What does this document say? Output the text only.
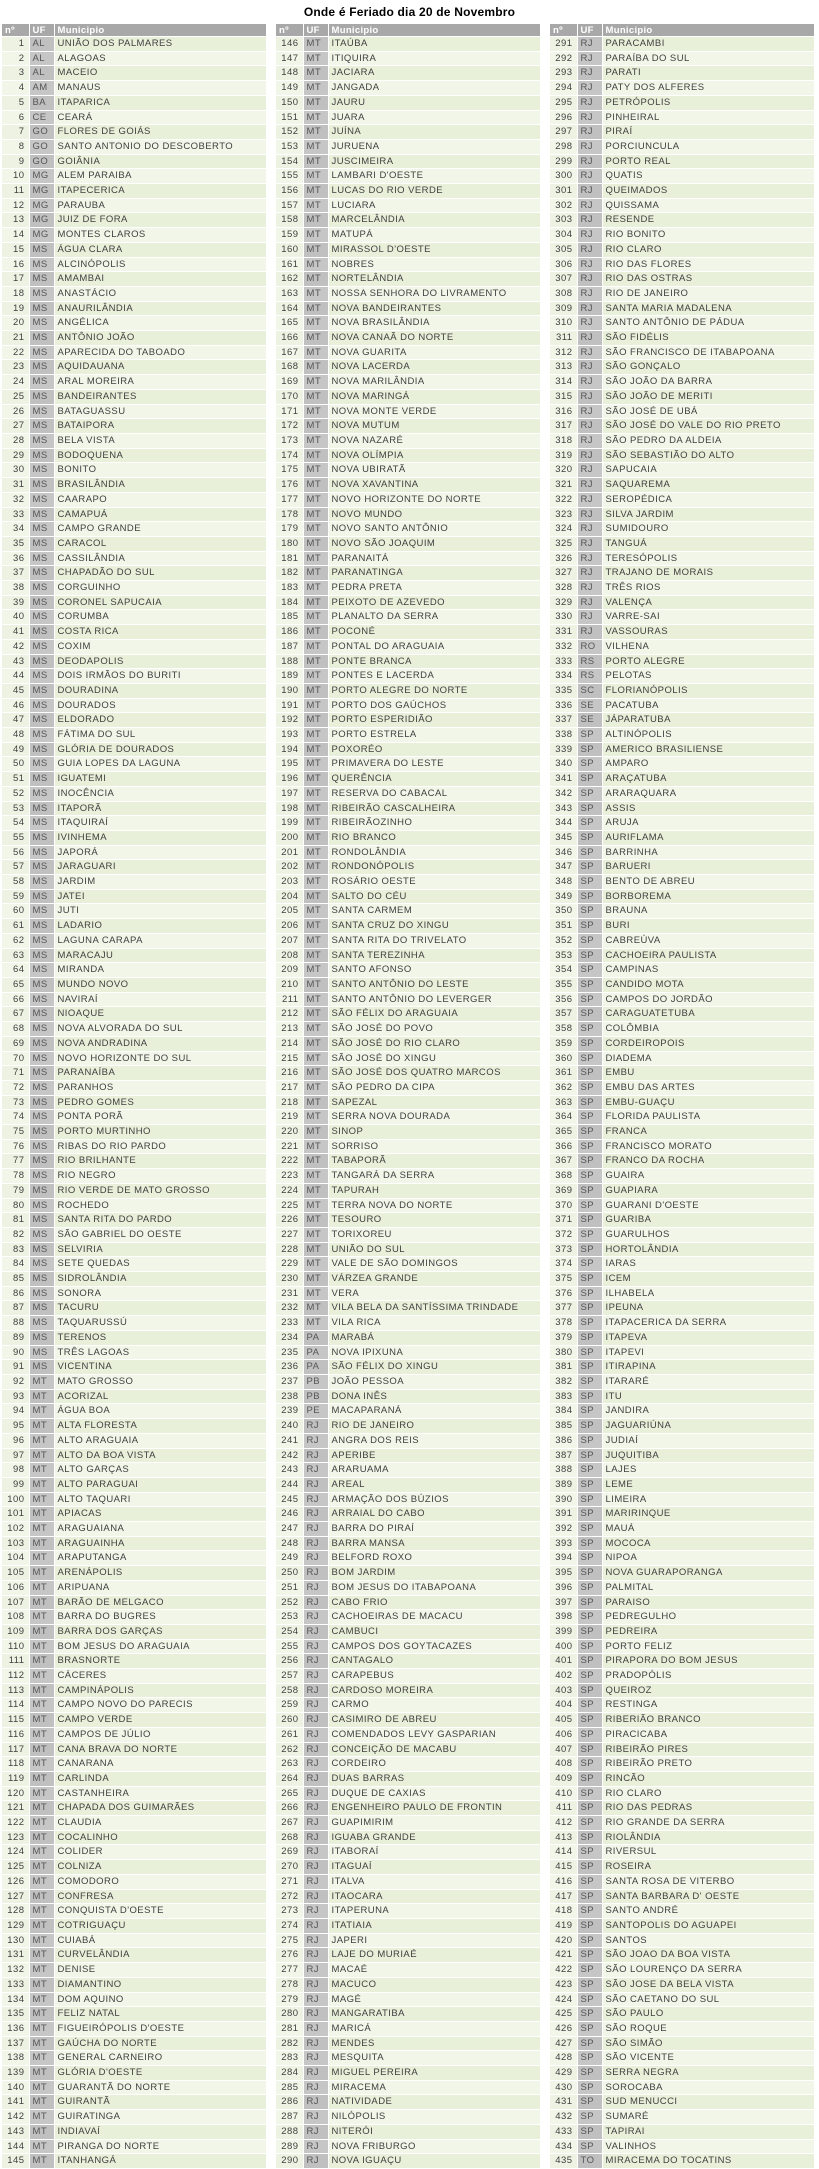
Onde é Feriado dia 20 de Novembro
nº	UF	Municipio
1	AL	UNIÃO DOS PALMARES
2	AL	ALAGOAS
3	AL	MACEIO
4	AM	MANAUS
5	BA	ITAPARICA
6	CE	CEARÁ
7	GO	FLORES DE GOIÁS
8	GO	SANTO ANTONIO DO DESCOBERTO
9	GO	GOIÂNIA
10	MG	ALEM PARAIBA
11	MG	ITAPECERICA
12	MG	PARAUBA
13	MG	JUIZ DE FORA
14	MG	MONTES CLAROS
15	MS	ÁGUA CLARA
16	MS	ALCINÓPOLIS
17	MS	AMAMBAI
18	MS	ANASTÁCIO
19	MS	ANAURILÂNDIA
20	MS	ANGÉLICA
21	MS	ANTÔNIO JOÃO
22	MS	APARECIDA DO TABOADO
23	MS	AQUIDAUANA
24	MS	ARAL MOREIRA
25	MS	BANDEIRANTES
26	MS	BATAGUASSU
27	MS	BATAIPORA
28	MS	BELA VISTA
29	MS	BODOQUENA
30	MS	BONITO
31	MS	BRASILÂNDIA
32	MS	CAARAPO
33	MS	CAMAPUÁ
34	MS	CAMPO GRANDE
35	MS	CARACOL
36	MS	CASSILÂNDIA
37	MS	CHAPADÃO DO SUL
38	MS	CORGUINHO
39	MS	CORONEL SAPUCAIA
40	MS	CORUMBA
41	MS	COSTA RICA
42	MS	COXIM
43	MS	DEODAPOLIS
44	MS	DOIS IRMÃOS DO BURITI
45	MS	DOURADINA
46	MS	DOURADOS
47	MS	ELDORADO
48	MS	FÁTIMA DO SUL
49	MS	GLÓRIA DE DOURADOS
50	MS	GUIA LOPES DA LAGUNA
51	MS	IGUATEMI
52	MS	INOCÊNCIA
53	MS	ITAPORÃ
54	MS	ITAQUIRAÍ
55	MS	IVINHEMA
56	MS	JAPORÁ
57	MS	JARAGUARI
58	MS	JARDIM
59	MS	JATEI
60	MS	JUTI
61	MS	LADARIO
62	MS	LAGUNA CARAPA
63	MS	MARACAJU
64	MS	MIRANDA
65	MS	MUNDO NOVO
66	MS	NAVIRAÍ
67	MS	NIOAQUE
68	MS	NOVA ALVORADA DO SUL
69	MS	NOVA ANDRADINA
70	MS	NOVO HORIZONTE DO SUL
71	MS	PARANAÍBA
72	MS	PARANHOS
73	MS	PEDRO GOMES
74	MS	PONTA PORÃ
75	MS	PORTO MURTINHO
76	MS	RIBAS DO RIO PARDO
77	MS	RIO BRILHANTE
78	MS	RIO NEGRO
79	MS	RIO VERDE DE MATO GROSSO
80	MS	ROCHEDO
81	MS	SANTA RITA DO PARDO
82	MS	SÃO GABRIEL DO OESTE
83	MS	SELVIRIA
84	MS	SETE QUEDAS
85	MS	SIDROLÂNDIA
86	MS	SONORA
87	MS	TACURU
88	MS	TAQUARUSSÚ
89	MS	TERENOS
90	MS	TRÊS LAGOAS
91	MS	VICENTINA
92	MT	MATO GROSSO
93	MT	ACORIZAL
94	MT	ÁGUA BOA
95	MT	ALTA FLORESTA
96	MT	ALTO ARAGUAIA
97	MT	ALTO DA BOA VISTA
98	MT	ALTO GARÇAS
99	MT	ALTO PARAGUAI
100	MT	ALTO TAQUARI
101	MT	APIACAS
102	MT	ARAGUAIANA
103	MT	ARAGUAINHA
104	MT	ARAPUTANGA
105	MT	ARENÁPOLIS
106	MT	ARIPUANA
107	MT	BARÃO DE MELGACO
108	MT	BARRA DO BUGRES
109	MT	BARRA DOS GARÇAS
110	MT	BOM JESUS DO ARAGUAIA
111	MT	BRASNORTE
112	MT	CÁCERES
113	MT	CAMPINÁPOLIS
114	MT	CAMPO NOVO DO PARECIS
115	MT	CAMPO VERDE
116	MT	CAMPOS DE JÚLIO
117	MT	CANA BRAVA DO NORTE
118	MT	CANARANA
119	MT	CARLINDA
120	MT	CASTANHEIRA
121	MT	CHAPADA DOS GUIMARÃES
122	MT	CLAUDIA
123	MT	COCALINHO
124	MT	COLIDER
125	MT	COLNIZA
126	MT	COMODORO
127	MT	CONFRESA
128	MT	CONQUISTA D'OESTE
129	MT	COTRIGUAÇU
130	MT	CUIABÁ
131	MT	CURVELÂNDIA
132	MT	DENISE
133	MT	DIAMANTINO
134	MT	DOM AQUINO
135	MT	FELIZ NATAL
136	MT	FIGUEIRÓPOLIS D'OESTE
137	MT	GAÚCHA DO NORTE
138	MT	GENERAL CARNEIRO
139	MT	GLÓRIA D'OESTE
140	MT	GUARANTÃ DO NORTE
141	MT	GUIRANTÃ
142	MT	GUIRATINGA
143	MT	INDIAVAÍ
144	MT	PIRANGA DO NORTE
145	MT	ITANHANGÁ
nº	UF	Municipio
146	MT	ITAÚBA
147	MT	ITIQUIRA
148	MT	JACIARA
149	MT	JANGADA
150	MT	JAURU
151	MT	JUARA
152	MT	JUÍNA
153	MT	JURUENA
154	MT	JUSCIMEIRA
155	MT	LAMBARI D'OESTE
156	MT	LUCAS DO RIO VERDE
157	MT	LUCIARA
158	MT	MARCELÂNDIA
159	MT	MATUPÁ
160	MT	MIRASSOL D'OESTE
161	MT	NOBRES
162	MT	NORTELÂNDIA
163	MT	NOSSA SENHORA DO LIVRAMENTO
164	MT	NOVA BANDEIRANTES
165	MT	NOVA BRASILÂNDIA
166	MT	NOVA CANAÃ DO NORTE
167	MT	NOVA GUARITA
168	MT	NOVA LACERDA
169	MT	NOVA MARILÂNDIA
170	MT	NOVA MARINGÁ
171	MT	NOVA MONTE VERDE
172	MT	NOVA MUTUM
173	MT	NOVA NAZARÉ
174	MT	NOVA OLÍMPIA
175	MT	NOVA UBIRATÃ
176	MT	NOVA XAVANTINA
177	MT	NOVO HORIZONTE DO NORTE
178	MT	NOVO MUNDO
179	MT	NOVO SANTO ANTÔNIO
180	MT	NOVO SÃO JOAQUIM
181	MT	PARANAITÁ
182	MT	PARANATINGA
183	MT	PEDRA PRETA
184	MT	PEIXOTO DE AZEVEDO
185	MT	PLANALTO DA SERRA
186	MT	POCONÉ
187	MT	PONTAL DO ARAGUAIA
188	MT	PONTE BRANCA
189	MT	PONTES E LACERDA
190	MT	PORTO ALEGRE DO NORTE
191	MT	PORTO DOS GAÚCHOS
192	MT	PORTO ESPERIDIÃO
193	MT	PORTO ESTRELA
194	MT	POXORÉO
195	MT	PRIMAVERA DO LESTE
196	MT	QUERÊNCIA
197	MT	RESERVA DO CABACAL
198	MT	RIBEIRÃO CASCALHEIRA
199	MT	RIBEIRÃOZINHO
200	MT	RIO BRANCO
201	MT	RONDOLÂNDIA
202	MT	RONDONÓPOLIS
203	MT	ROSÁRIO OESTE
204	MT	SALTO DO CÉU
205	MT	SANTA CARMEM
206	MT	SANTA CRUZ DO XINGU
207	MT	SANTA RITA DO TRIVELATO
208	MT	SANTA TEREZINHA
209	MT	SANTO AFONSO
210	MT	SANTO ANTÔNIO DO LESTE
211	MT	SANTO ANTÔNIO DO LEVERGER
212	MT	SÃO FÉLIX DO ARAGUAIA
213	MT	SÃO JOSÉ DO POVO
214	MT	SÃO JOSÉ DO RIO CLARO
215	MT	SÃO JOSÉ DO XINGU
216	MT	SÃO JOSÉ DOS QUATRO MARCOS
217	MT	SÃO PEDRO DA CIPA
218	MT	SAPEZAL
219	MT	SERRA NOVA DOURADA
220	MT	SINOP
221	MT	SORRISO
222	MT	TABAPORÃ
223	MT	TANGARÁ DA SERRA
224	MT	TAPURAH
225	MT	TERRA NOVA DO NORTE
226	MT	TESOURO
227	MT	TORIXOREU
228	MT	UNIÃO DO SUL
229	MT	VALE DE SÃO DOMINGOS
230	MT	VÁRZEA GRANDE
231	MT	VERA
232	MT	VILA BELA DA SANTÍSSIMA TRINDADE
233	MT	VILA RICA
234	PA	MARABÁ
235	PA	NOVA IPIXUNA
236	PA	SÃO FÉLIX DO XINGU
237	PB	JOÃO PESSOA
238	PB	DONA INÊS
239	PE	MACAPARANÁ
240	RJ	RIO DE JANEIRO
241	RJ	ANGRA DOS REIS
242	RJ	APERIBE
243	RJ	ARARUAMA
244	RJ	AREAL
245	RJ	ARMAÇÃO DOS BÚZIOS
246	RJ	ARRAIAL DO CABO
247	RJ	BARRA DO PIRAÍ
248	RJ	BARRA MANSA
249	RJ	BELFORD ROXO
250	RJ	BOM JARDIM
251	RJ	BOM JESUS DO ITABAPOANA
252	RJ	CABO FRIO
253	RJ	CACHOEIRAS DE MACACU
254	RJ	CAMBUCI
255	RJ	CAMPOS DOS GOYTACAZES
256	RJ	CANTAGALO
257	RJ	CARAPEBUS
258	RJ	CARDOSO MOREIRA
259	RJ	CARMO
260	RJ	CASIMIRO DE ABREU
261	RJ	COMENDADOS LEVY GASPARIAN
262	RJ	CONCEIÇÃO DE MACABU
263	RJ	CORDEIRO
264	RJ	DUAS BARRAS
265	RJ	DUQUE DE CAXIAS
266	RJ	ENGENHEIRO PAULO DE FRONTIN
267	RJ	GUAPIMIRIM
268	RJ	IGUABA GRANDE
269	RJ	ITABORAÍ
270	RJ	ITAGUAÍ
271	RJ	ITALVA
272	RJ	ITAOCARA
273	RJ	ITAPERUNA
274	RJ	ITATIAIA
275	RJ	JAPERI
276	RJ	LAJE DO MURIAÉ
277	RJ	MACAÉ
278	RJ	MACUCO
279	RJ	MAGÉ
280	RJ	MANGARATIBA
281	RJ	MARICÁ
282	RJ	MENDES
283	RJ	MESQUITA
284	RJ	MIGUEL PEREIRA
285	RJ	MIRACEMA
286	RJ	NATIVIDADE
287	RJ	NILÓPOLIS
288	RJ	NITERÓI
289	RJ	NOVA FRIBURGO
290	RJ	NOVA IGUAÇU
nº	UF	Municipio
291	RJ	PARACAMBI
292	RJ	PARAÍBA DO SUL
293	RJ	PARATI
294	RJ	PATY DOS ALFERES
295	RJ	PETRÓPOLIS
296	RJ	PINHEIRAL
297	RJ	PIRAÍ
298	RJ	PORCIUNCULA
299	RJ	PORTO REAL
300	RJ	QUATIS
301	RJ	QUEIMADOS
302	RJ	QUISSAMA
303	RJ	RESENDE
304	RJ	RIO BONITO
305	RJ	RIO CLARO
306	RJ	RIO DAS FLORES
307	RJ	RIO DAS OSTRAS
308	RJ	RIO DE JANEIRO
309	RJ	SANTA MARIA MADALENA
310	RJ	SANTO ANTÔNIO DE PÁDUA
311	RJ	SÃO FIDÉLIS
312	RJ	SÃO FRANCISCO DE ITABAPOANA
313	RJ	SÃO GONÇALO
314	RJ	SÃO JOÃO DA BARRA
315	RJ	SÃO JOÃO DE MERITI
316	RJ	SÃO JOSÉ DE UBÁ
317	RJ	SÃO JOSÉ DO VALE DO RIO PRETO
318	RJ	SÃO PEDRO DA ALDEIA
319	RJ	SÃO SEBASTIÃO DO ALTO
320	RJ	SAPUCAIA
321	RJ	SAQUAREMA
322	RJ	SEROPÉDICA
323	RJ	SILVA JARDIM
324	RJ	SUMIDOURO
325	RJ	TANGUÁ
326	RJ	TERESÓPOLIS
327	RJ	TRAJANO DE MORAIS
328	RJ	TRÊS RIOS
329	RJ	VALENÇA
330	RJ	VARRE-SAI
331	RJ	VASSOURAS
332	RO	VILHENA
333	RS	PORTO ALEGRE
334	RS	PELOTAS
335	SC	FLORIANÓPOLIS
336	SE	PACATUBA
337	SE	JÁPARATUBA
338	SP	ALTINÓPOLIS
339	SP	AMERICO BRASILIENSE
340	SP	AMPARO
341	SP	ARAÇATUBA
342	SP	ARARAQUARA
343	SP	ASSIS
344	SP	ARUJA
345	SP	AURIFLAMA
346	SP	BARRINHA
347	SP	BARUERI
348	SP	BENTO DE ABREU
349	SP	BORBOREMA
350	SP	BRAUNA
351	SP	BURI
352	SP	CABREÚVA
353	SP	CACHOEIRA PAULISTA
354	SP	CAMPINAS
355	SP	CANDIDO MOTA
356	SP	CAMPOS DO JORDÃO
357	SP	CARAGUATETUBA
358	SP	COLÔMBIA
359	SP	CORDEIROPOIS
360	SP	DIADEMA
361	SP	EMBU
362	SP	EMBU DAS ARTES
363	SP	EMBU-GUAÇU
364	SP	FLORIDA PAULISTA
365	SP	FRANCA
366	SP	FRANCISCO MORATO
367	SP	FRANCO DA ROCHA
368	SP	GUAIRA
369	SP	GUAPIARA
370	SP	GUARANI D'OESTE
371	SP	GUARIBA
372	SP	GUARULHOS
373	SP	HORTOLÂNDIA
374	SP	IARAS
375	SP	ICEM
376	SP	ILHABELA
377	SP	IPEUNA
378	SP	ITAPACERICA DA SERRA
379	SP	ITAPEVA
380	SP	ITAPEVI
381	SP	ITIRAPINA
382	SP	ITARARÉ
383	SP	ITU
384	SP	JANDIRA
385	SP	JAGUARIÚNA
386	SP	JUDIAÍ
387	SP	JUQUITIBA
388	SP	LAJES
389	SP	LEME
390	SP	LIMEIRA
391	SP	MARIRINQUE
392	SP	MAUÁ
393	SP	MOCOCA
394	SP	NIPOA
395	SP	NOVA GUARAPORANGA
396	SP	PALMITAL
397	SP	PARAISO
398	SP	PEDREGULHO
399	SP	PEDREIRA
400	SP	PORTO FELIZ
401	SP	PIRAPORA DO BOM JESUS
402	SP	PRADOPÓLIS
403	SP	QUEIROZ
404	SP	RESTINGA
405	SP	RIBERIÃO BRANCO
406	SP	PIRACICABA
407	SP	RIBEIRÃO PIRES
408	SP	RIBEIRÃO PRETO
409	SP	RINCÃO
410	SP	RIO CLARO
411	SP	RIO DAS PEDRAS
412	SP	RIO GRANDE DA SERRA
413	SP	RIOLÂNDIA
414	SP	RIVERSUL
415	SP	ROSEIRA
416	SP	SANTA ROSA DE VITERBO
417	SP	SANTA BARBARA D' OESTE
418	SP	SANTO ANDRÉ
419	SP	SANTOPOLIS DO AGUAPEI
420	SP	SANTOS
421	SP	SÃO JOAO DA BOA VISTA
422	SP	SÃO LOURENÇO DA SERRA
423	SP	SÃO JOSE DA BELA VISTA
424	SP	SÃO CAETANO DO SUL
425	SP	SÃO PAULO
426	SP	SÃO ROQUE
427	SP	SÃO SIMÃO
428	SP	SÃO VICENTE
429	SP	SERRA NEGRA
430	SP	SOROCABA
431	SP	SUD MENUCCI
432	SP	SUMARÉ
433	SP	TAPIRAI
434	SP	VALINHOS
435	TO	MIRACEMA DO TOCATINS
